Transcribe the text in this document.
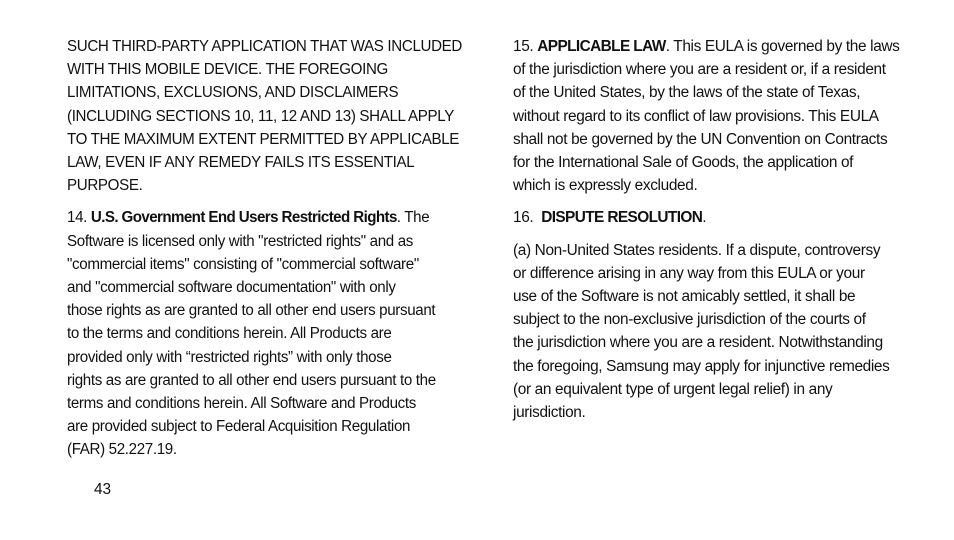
SUCH THIRD-PARTY APPLICATION THAT WAS INCLUDED
WITH THIS MOBILE DEVICE. THE FOREGOING
LIMITATIONS, EXCLUSIONS, AND DISCLAIMERS
(INCLUDING SECTIONS 10, 11, 12 AND 13) SHALL APPLY
TO THE MAXIMUM EXTENT PERMITTED BY APPLICABLE
LAW, EVEN IF ANY REMEDY FAILS ITS ESSENTIAL
PURPOSE.

14. U.S. Government End Users Restricted Rights. The
Software is licensed only with "restricted rights" and as
"commercial items" consisting of "commercial software"
and "commercial software documentation" with only
those rights as are granted to all other end users pursuant
to the terms and conditions herein. All Products are
provided only with “restricted rights” with only those
rights as are granted to all other end users pursuant to the
terms and conditions herein. All Software and Products
are provided subject to Federal Acquisition Regulation
(FAR) 52.227.19.

15. APPLICABLE LAW. This EULA is governed by the laws
of the jurisdiction where you are a resident or, if a resident
of the United States, by the laws of the state of Texas,
without regard to its conflict of law provisions. This EULA
shall not be governed by the UN Convention on Contracts
for the International Sale of Goods, the application of
which is expressly excluded.

16.  DISPUTE RESOLUTION.

(a) Non-United States residents. If a dispute, controversy
or difference arising in any way from this EULA or your
use of the Software is not amicably settled, it shall be
subject to the non-exclusive jurisdiction of the courts of
the jurisdiction where you are a resident. Notwithstanding
the foregoing, Samsung may apply for injunctive remedies
(or an equivalent type of urgent legal relief) in any
jurisdiction.

43
